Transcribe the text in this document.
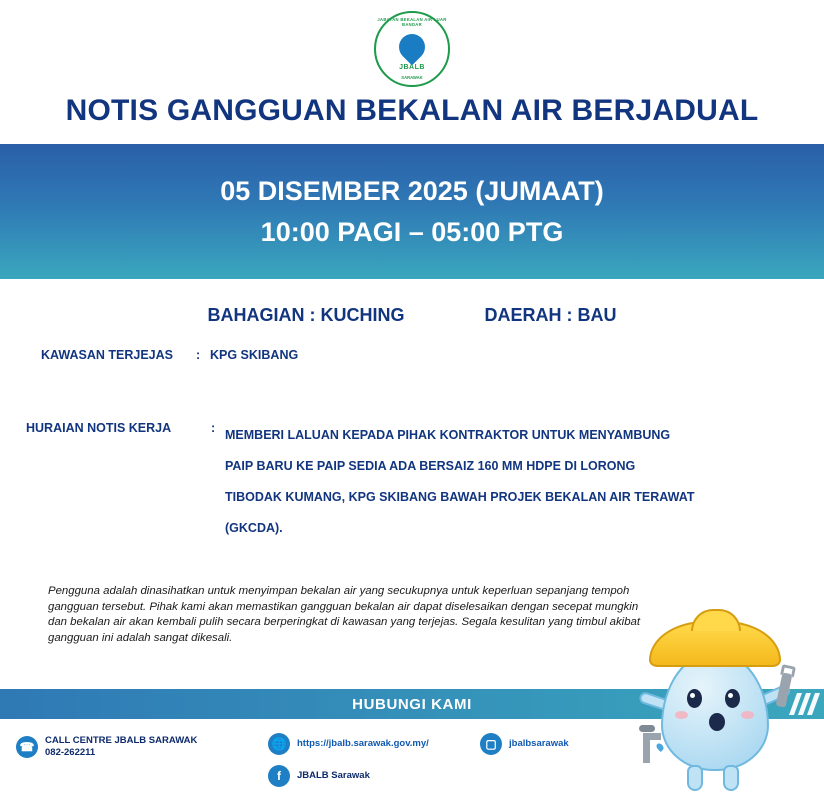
JABATAN BEKALAN AIR LUAR BANDAR
JBALB
SARAWAK
NOTIS GANGGUAN BEKALAN AIR BERJADUAL
05 DISEMBER 2025 (JUMAAT)
10:00 PAGI – 05:00 PTG
BAHAGIAN : KUCHING	DAERAH : BAU
KAWASAN TERJEJAS	: KPG SKIBANG
HURAIAN NOTIS KERJA	: MEMBERI LALUAN KEPADA PIHAK KONTRAKTOR UNTUK MENYAMBUNG
PAIP BARU KE PAIP SEDIA ADA BERSAIZ 160 MM HDPE DI LORONG
TIBODAK KUMANG, KPG SKIBANG BAWAH PROJEK BEKALAN AIR TERAWAT
(GKCDA).
Pengguna adalah dinasihatkan untuk menyimpan bekalan air yang secukupnya untuk keperluan sepanjang tempoh gangguan tersebut. Pihak kami akan memastikan gangguan bekalan air dapat diselesaikan dengan secepat mungkin dan bekalan air akan kembali pulih secara berperingkat di kawasan yang terjejas. Segala kesulitan yang timbul akibat gangguan ini adalah sangat dikesali.
HUBUNGI KAMI
☎	CALL CENTRE JBALB SARAWAK
082-262211
🌐	https://jbalb.sarawak.gov.my/
f	JBALB Sarawak
▢	jbalbsarawak
